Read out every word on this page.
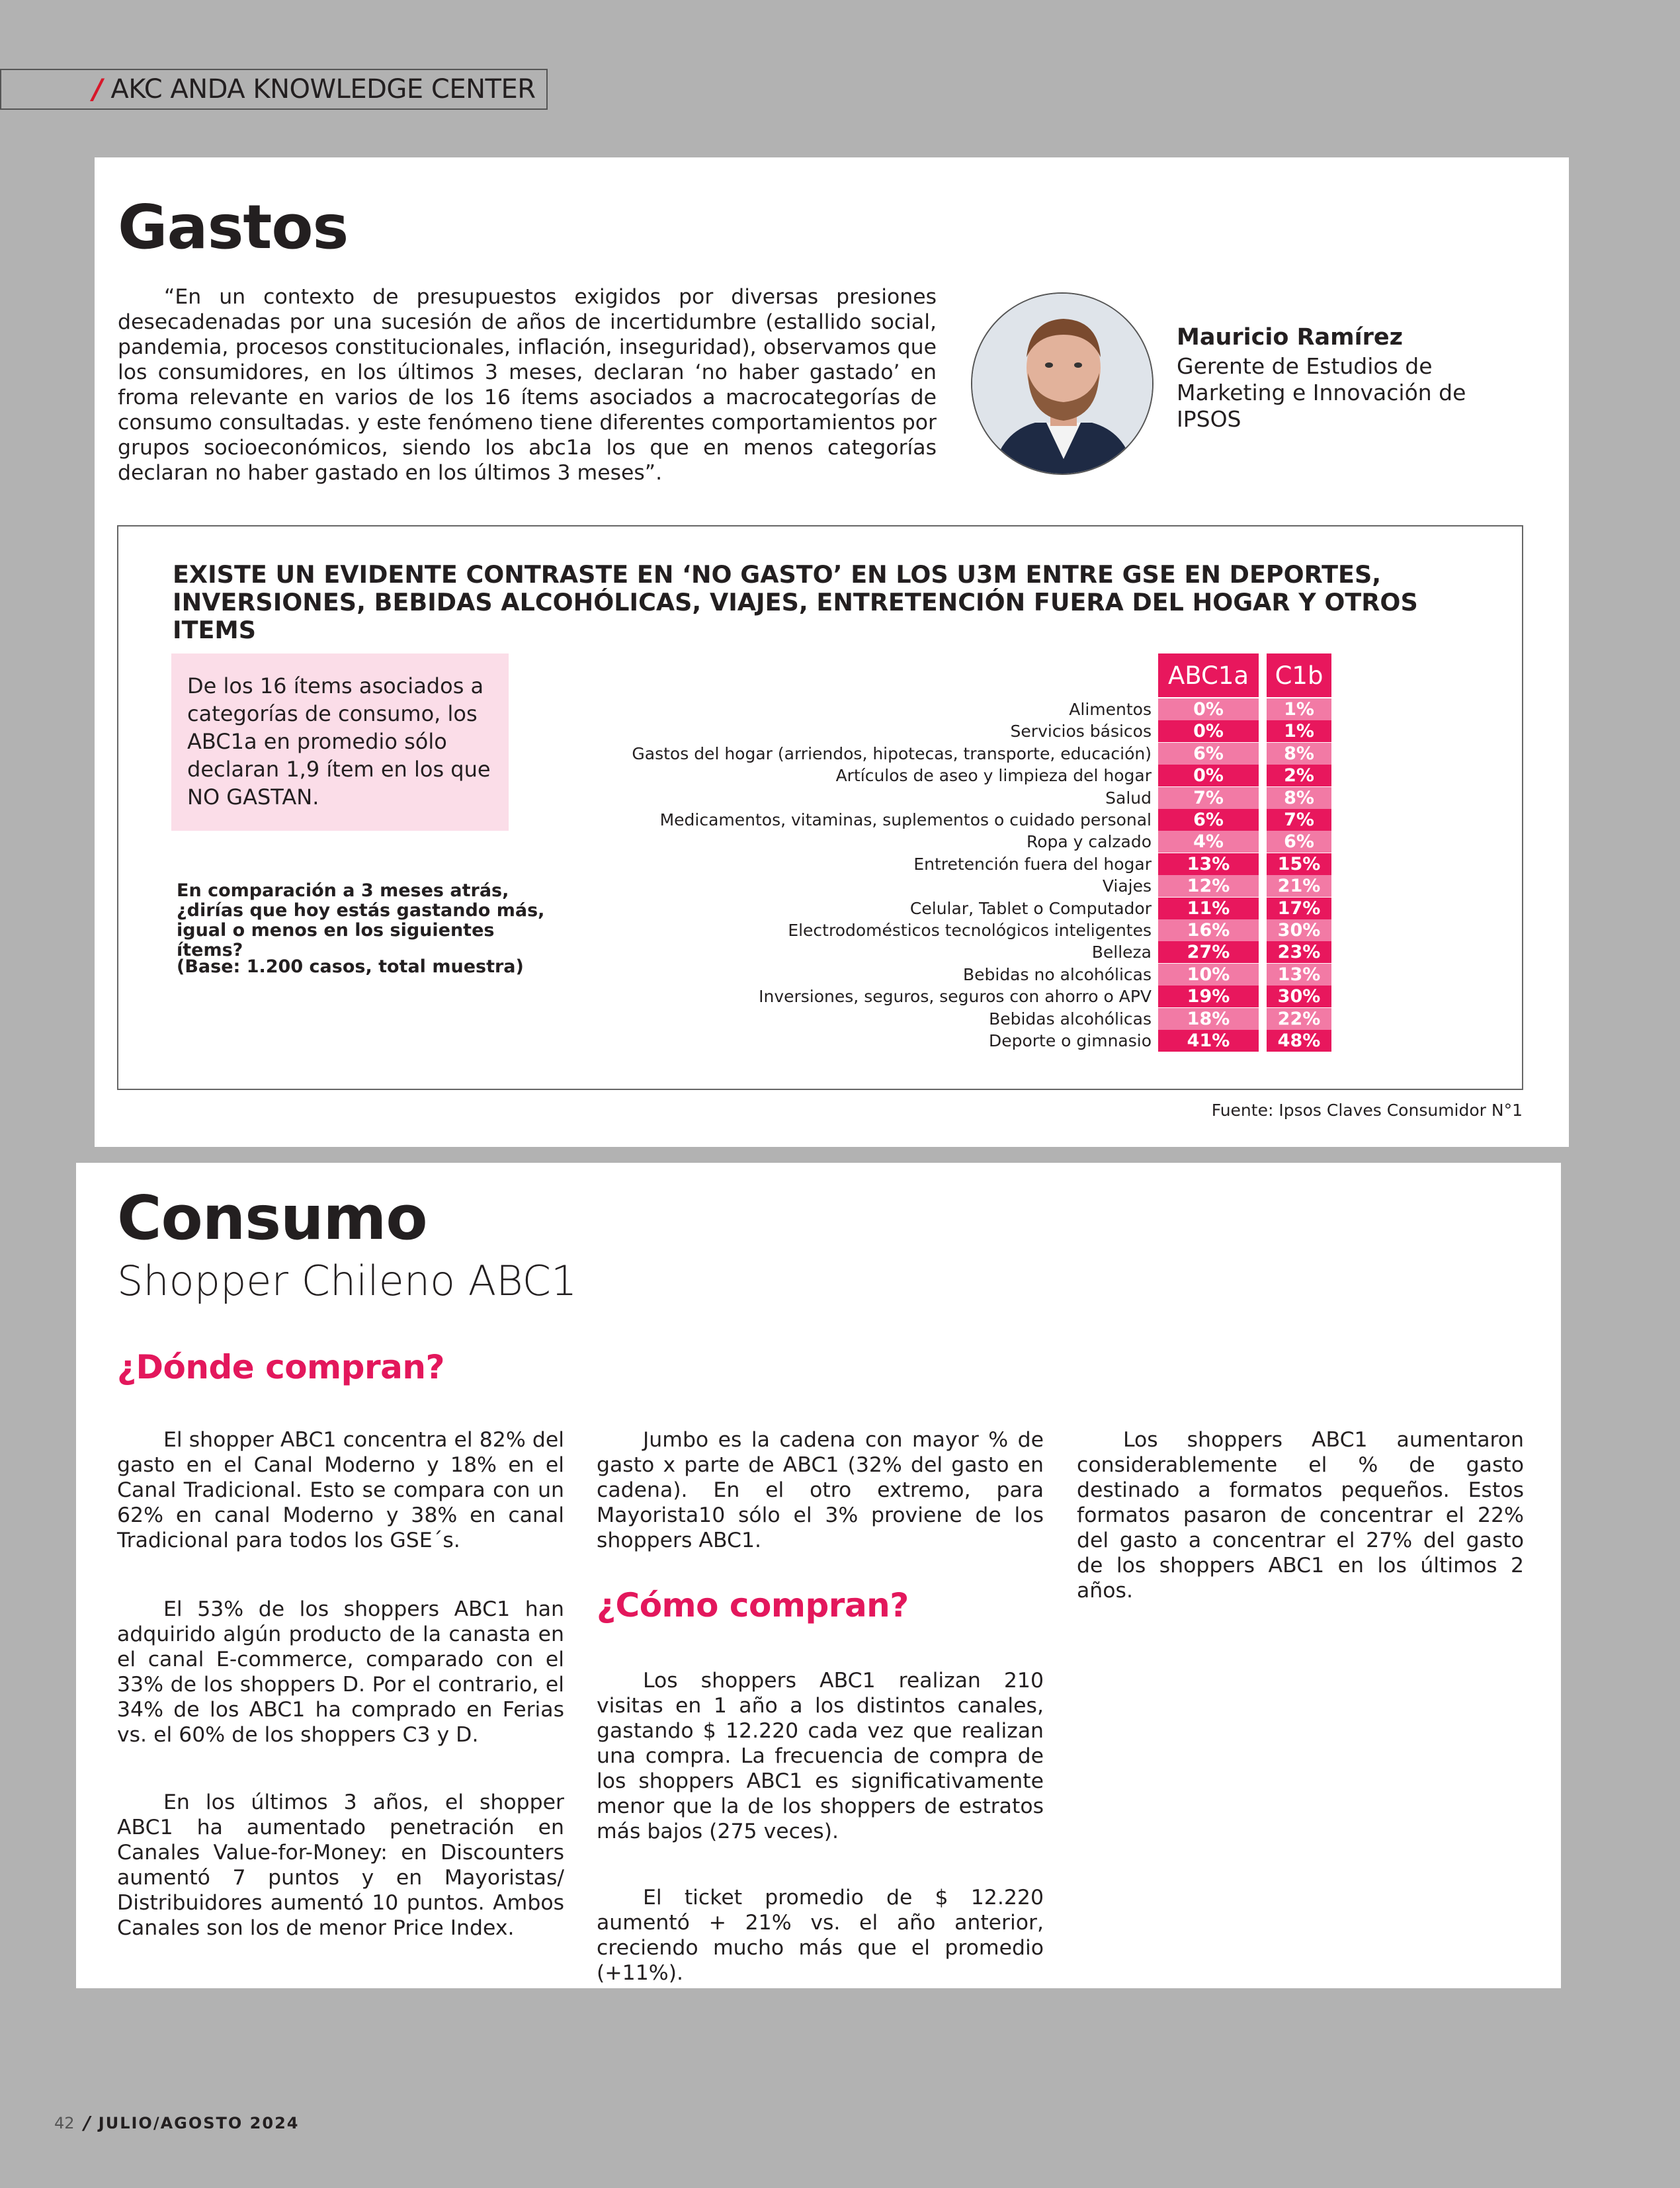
/ AKC ANDA KNOWLEDGE CENTER
Gastos

“En un contexto de presupuestos exigidos por diversas presiones desecadenadas por una sucesión de años de incertidumbre (estallido social, pandemia, procesos constitucionales, inflación, inseguridad), observamos que los consumidores, en los últimos 3 meses, declaran ‘no haber gastado’ en froma relevante en varios de los 16 ítems asociados a macrocategorías de consumo consultadas. y este fenómeno tiene diferentes comportamientos por grupos socioeconómicos, siendo los abc1a los que en menos categorías declaran no haber gastado en los últimos 3 meses”.

Mauricio Ramírez

Gerente de Estudios de Marketing e Innovación de IPSOS

EXISTE UN EVIDENTE CONTRASTE EN ‘NO GASTO’ EN LOS U3M ENTRE GSE EN DEPORTES, INVERSIONES, BEBIDAS ALCOHÓLICAS, VIAJES, ENTRETENCIÓN FUERA DEL HOGAR Y OTROS ITEMS

De los 16 ítems asociados a categorías de consumo, los ABC1a en promedio sólo declaran 1,9 ítem en los que NO GASTAN.

En comparación a 3 meses atrás, ¿dirías que hoy estás gastando más, igual o menos en los siguientes ítems?

(Base: 1.200 casos, total muestra)

ABC1a	C1b
Alimentos	0%	1%
Servicios básicos	0%	1%
Gastos del hogar (arriendos, hipotecas, transporte, educación)	6%	8%
Artículos de aseo y limpieza del hogar	0%	2%
Salud	7%	8%
Medicamentos, vitaminas, suplementos o cuidado personal	6%	7%
Ropa y calzado	4%	6%
Entretención fuera del hogar	13%	15%
Viajes	12%	21%
Celular, Tablet o Computador	11%	17%
Electrodomésticos tecnológicos inteligentes	16%	30%
Belleza	27%	23%
Bebidas no alcohólicas	10%	13%
Inversiones, seguros, seguros con ahorro o APV	19%	30%
Bebidas alcohólicas	18%	22%
Deporte o gimnasio	41%	48%
Fuente: Ipsos Claves Consumidor N°1
Consumo
Shopper Chileno ABC1
¿Dónde compran?

El shopper ABC1 concentra el 82% del gasto en el Canal Moderno y 18% en el Canal Tradicional. Esto se compara con un 62% en canal Moderno y 38% en canal Tradicional para todos los GSE´s.

El 53% de los shoppers ABC1 han adquirido algún producto de la canasta en el canal E-commerce, comparado con el 33% de los shoppers D. Por el contrario, el 34% de los ABC1 ha comprado en Ferias vs. el 60% de los shoppers C3 y D.

En los últimos 3 años, el shopper ABC1 ha aumentado penetración en Canales Value-for-Money: en Discounters aumentó 7 puntos y en Mayoristas/ Distribuidores aumentó 10 puntos. Ambos Canales son los de menor Price Index.

Jumbo es la cadena con mayor % de gasto x parte de ABC1 (32% del gasto en cadena). En el otro extremo, para Mayorista10 sólo el 3% proviene de los shoppers ABC1.

¿Cómo compran?

Los shoppers ABC1 realizan 210 visitas en 1 año a los distintos canales, gastando $ 12.220 cada vez que realizan una compra. La frecuencia de compra de los shoppers ABC1 es significativamente menor que la de los shoppers de estratos más bajos (275 veces).

El ticket promedio de $ 12.220 aumentó + 21% vs. el año anterior, creciendo mucho más que el promedio (+11%).

Los shoppers ABC1 aumentaron considerablemente el % de gasto destinado a formatos pequeños. Estos formatos pasaron de concentrar el 22% del gasto a concentrar el 27% del gasto de los shoppers ABC1 en los últimos 2 años.

42 / JULIO/AGOSTO 2024
